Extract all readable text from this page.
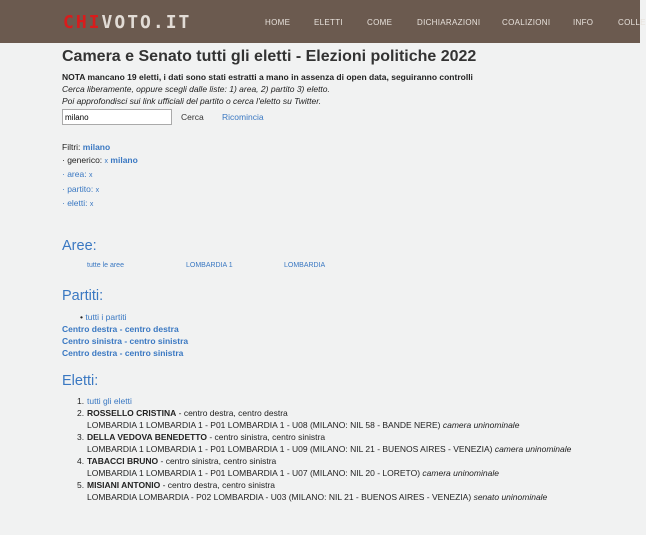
CHIVOTO.IT	HOME	ELETTI	COME	DICHIARAZIONI	COALIZIONI	INFO	COLLE
Camera e Senato tutti gli eletti - Elezioni politiche 2022
NOTA mancano 19 eletti, i dati sono stati estratti a mano in assenza di open data, seguiranno controlli
Cerca liberamente, oppure scegli dalle liste: 1) area, 2) partito 3) eletto.
Poi approfondisci sui link ufficiali del partito o cerca l'eletto su Twitter.
milano
Cerca Ricomincia
Filtri: milano
· generico: x milano
· area: x
· partito: x
· eletti: x
Aree:
tutte le aree	LOMBARDIA 1	LOMBARDIA
Partiti:
• tutti i partiti
Centro destra - centro destra
Centro sinistra - centro sinistra
Centro destra - centro sinistra
Eletti:
1. tutti gli eletti
2. ROSSELLO CRISTINA - centro destra, centro destra
LOMBARDIA 1 LOMBARDIA 1 - P01 LOMBARDIA 1 - U08 (MILANO: NIL 58 - BANDE NERE) camera uninominale
3. DELLA VEDOVA BENEDETTO - centro sinistra, centro sinistra
LOMBARDIA 1 LOMBARDIA 1 - P01 LOMBARDIA 1 - U09 (MILANO: NIL 21 - BUENOS AIRES - VENEZIA) camera uninominale
4. TABACCI BRUNO - centro sinistra, centro sinistra
LOMBARDIA 1 LOMBARDIA 1 - P01 LOMBARDIA 1 - U07 (MILANO: NIL 20 - LORETO) camera uninominale
5. MISIANI ANTONIO - centro destra, centro sinistra
LOMBARDIA LOMBARDIA - P02 LOMBARDIA - U03 (MILANO: NIL 21 - BUENOS AIRES - VENEZIA) senato uninominale
